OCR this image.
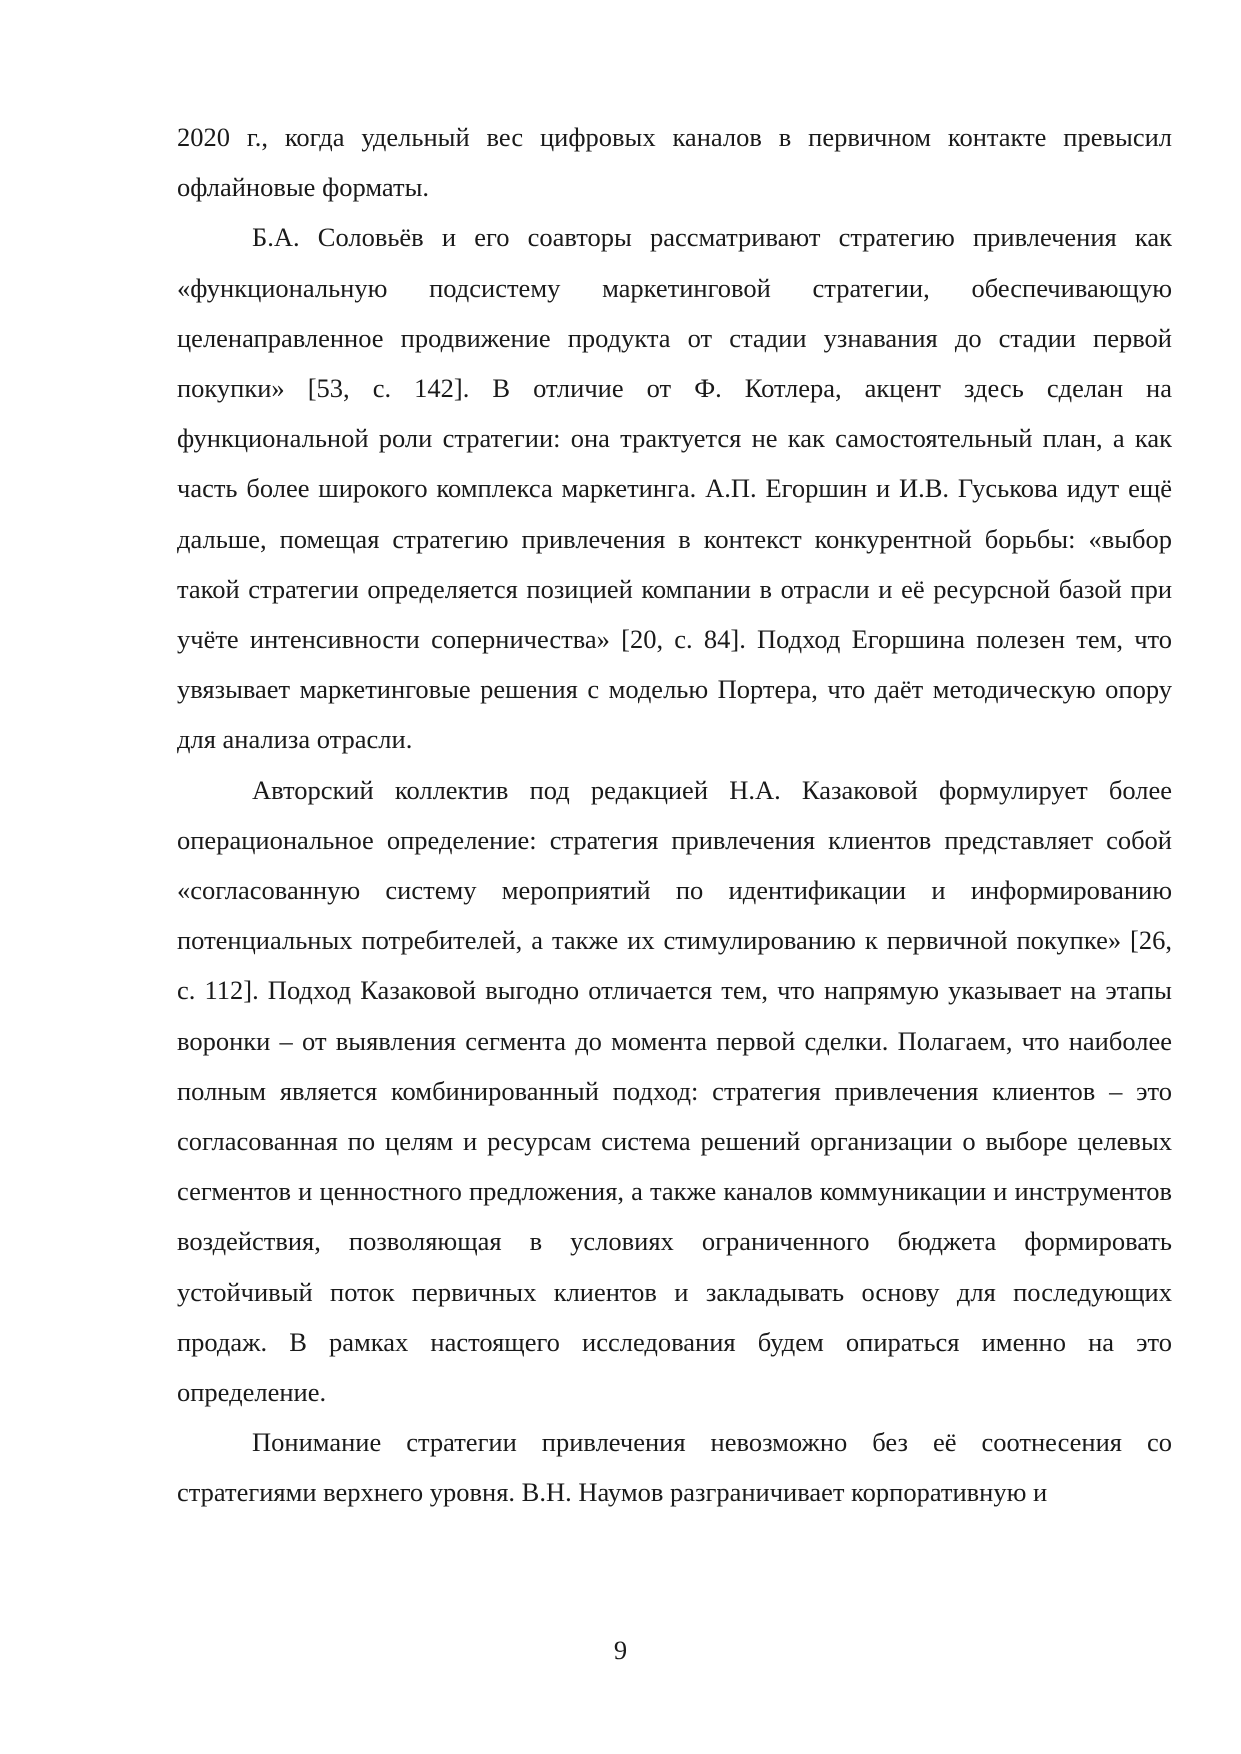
2020 г., когда удельный вес цифровых каналов в первичном контакте превысил офлайновые форматы.

Б.А. Соловьёв и его соавторы рассматривают стратегию привлечения как «функциональную подсистему маркетинговой стратегии, обеспечивающую целенаправленное продвижение продукта от стадии узнавания до стадии первой покупки» [53, с. 142]. В отличие от Ф. Котлера, акцент здесь сделан на функциональной роли стратегии: она трактуется не как самостоятельный план, а как часть более широкого комплекса маркетинга. А.П. Егоршин и И.В. Гуськова идут ещё дальше, помещая стратегию привлечения в контекст конкурентной борьбы: «выбор такой стратегии определяется позицией компании в отрасли и её ресурсной базой при учёте интенсивности соперничества» [20, с. 84]. Подход Егоршина полезен тем, что увязывает маркетинговые решения с моделью Портера, что даёт методическую опору для анализа отрасли.

Авторский коллектив под редакцией Н.А. Казаковой формулирует более операциональное определение: стратегия привлечения клиентов представляет собой «согласованную систему мероприятий по идентификации и информированию потенциальных потребителей, а также их стимулированию к первичной покупке» [26, с. 112]. Подход Казаковой выгодно отличается тем, что напрямую указывает на этапы воронки – от выявления сегмента до момента первой сделки. Полагаем, что наиболее полным является комбинированный подход: стратегия привлечения клиентов – это согласованная по целям и ресурсам система решений организации о выборе целевых сегментов и ценностного предложения, а также каналов коммуникации и инструментов воздействия, позволяющая в условиях ограниченного бюджета формировать устойчивый поток первичных клиентов и закладывать основу для последующих продаж. В рамках настоящего исследования будем опираться именно на это определение.

Понимание стратегии привлечения невозможно без её соотнесения со стратегиями верхнего уровня. В.Н. Наумов разграничивает корпоративную и

9
